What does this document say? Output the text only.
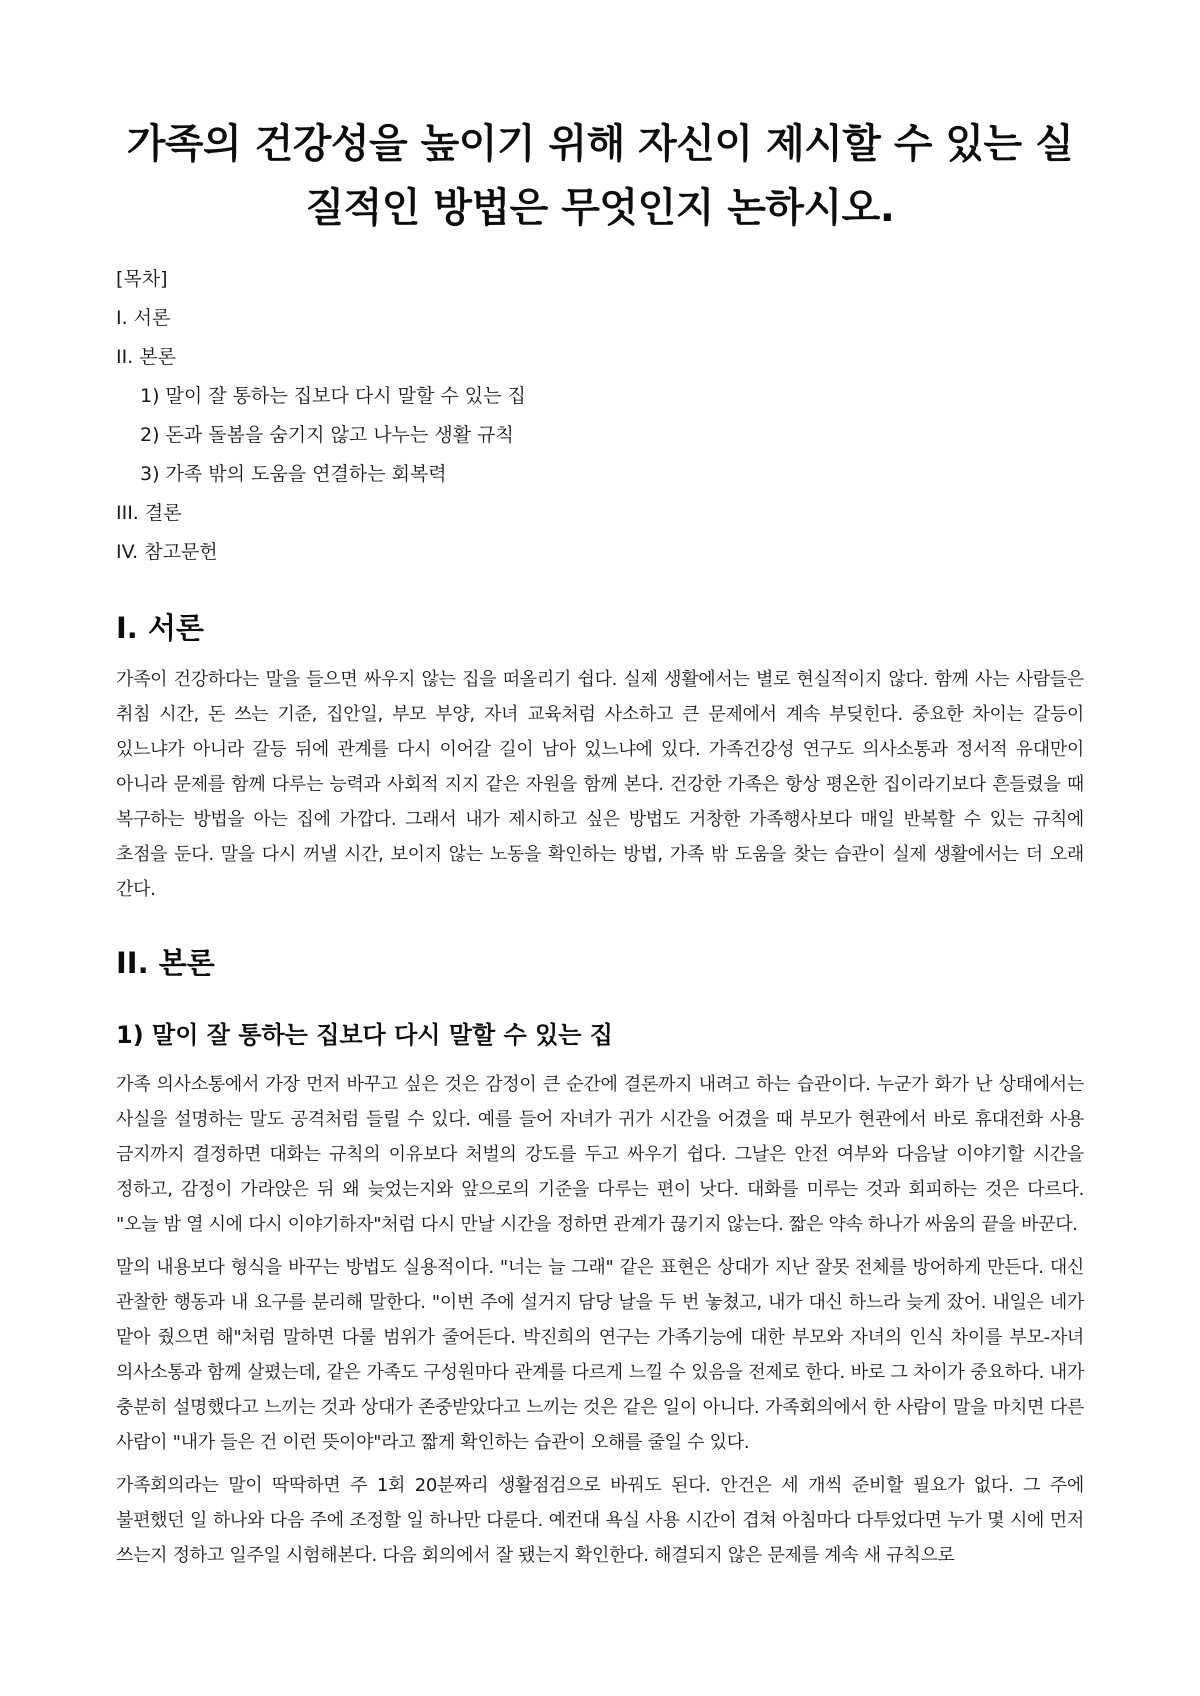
가족의 건강성을 높이기 위해 자신이 제시할 수 있는 실질적인 방법은 무엇인지 논하시오.
[목차]
I. 서론
II. 본론
1) 말이 잘 통하는 집보다 다시 말할 수 있는 집
2) 돈과 돌봄을 숨기지 않고 나누는 생활 규칙
3) 가족 밖의 도움을 연결하는 회복력
III. 결론
IV. 참고문헌
I. 서론

가족이 건강하다는 말을 들으면 싸우지 않는 집을 떠올리기 쉽다. 실제 생활에서는 별로 현실적이지 않다. 함께 사는 사람들은 취침 시간, 돈 쓰는 기준, 집안일, 부모 부양, 자녀 교육처럼 사소하고 큰 문제에서 계속 부딪힌다. 중요한 차이는 갈등이 있느냐가 아니라 갈등 뒤에 관계를 다시 이어갈 길이 남아 있느냐에 있다. 가족건강성 연구도 의사소통과 정서적 유대만이 아니라 문제를 함께 다루는 능력과 사회적 지지 같은 자원을 함께 본다. 건강한 가족은 항상 평온한 집이라기보다 흔들렸을 때 복구하는 방법을 아는 집에 가깝다. 그래서 내가 제시하고 싶은 방법도 거창한 가족행사보다 매일 반복할 수 있는 규칙에 초점을 둔다. 말을 다시 꺼낼 시간, 보이지 않는 노동을 확인하는 방법, 가족 밖 도움을 찾는 습관이 실제 생활에서는 더 오래 간다.

II. 본론
1) 말이 잘 통하는 집보다 다시 말할 수 있는 집

가족 의사소통에서 가장 먼저 바꾸고 싶은 것은 감정이 큰 순간에 결론까지 내려고 하는 습관이다. 누군가 화가 난 상태에서는 사실을 설명하는 말도 공격처럼 들릴 수 있다. 예를 들어 자녀가 귀가 시간을 어겼을 때 부모가 현관에서 바로 휴대전화 사용 금지까지 결정하면 대화는 규칙의 이유보다 처벌의 강도를 두고 싸우기 쉽다. 그날은 안전 여부와 다음날 이야기할 시간을 정하고, 감정이 가라앉은 뒤 왜 늦었는지와 앞으로의 기준을 다루는 편이 낫다. 대화를 미루는 것과 회피하는 것은 다르다. "오늘 밤 열 시에 다시 이야기하자"처럼 다시 만날 시간을 정하면 관계가 끊기지 않는다. 짧은 약속 하나가 싸움의 끝을 바꾼다.

말의 내용보다 형식을 바꾸는 방법도 실용적이다. "너는 늘 그래" 같은 표현은 상대가 지난 잘못 전체를 방어하게 만든다. 대신 관찰한 행동과 내 요구를 분리해 말한다. "이번 주에 설거지 담당 날을 두 번 놓쳤고, 내가 대신 하느라 늦게 잤어. 내일은 네가 맡아 줬으면 해"처럼 말하면 다룰 범위가 줄어든다. 박진희의 연구는 가족기능에 대한 부모와 자녀의 인식 차이를 부모-자녀 의사소통과 함께 살폈는데, 같은 가족도 구성원마다 관계를 다르게 느낄 수 있음을 전제로 한다. 바로 그 차이가 중요하다. 내가 충분히 설명했다고 느끼는 것과 상대가 존중받았다고 느끼는 것은 같은 일이 아니다. 가족회의에서 한 사람이 말을 마치면 다른 사람이 "내가 들은 건 이런 뜻이야"라고 짧게 확인하는 습관이 오해를 줄일 수 있다.

가족회의라는 말이 딱딱하면 주 1회 20분짜리 생활점검으로 바꿔도 된다. 안건은 세 개씩 준비할 필요가 없다. 그 주에 불편했던 일 하나와 다음 주에 조정할 일 하나만 다룬다. 예컨대 욕실 사용 시간이 겹쳐 아침마다 다투었다면 누가 몇 시에 먼저 쓰는지 정하고 일주일 시험해본다. 다음 회의에서 잘 됐는지 확인한다. 해결되지 않은 문제를 계속 새 규칙으로
